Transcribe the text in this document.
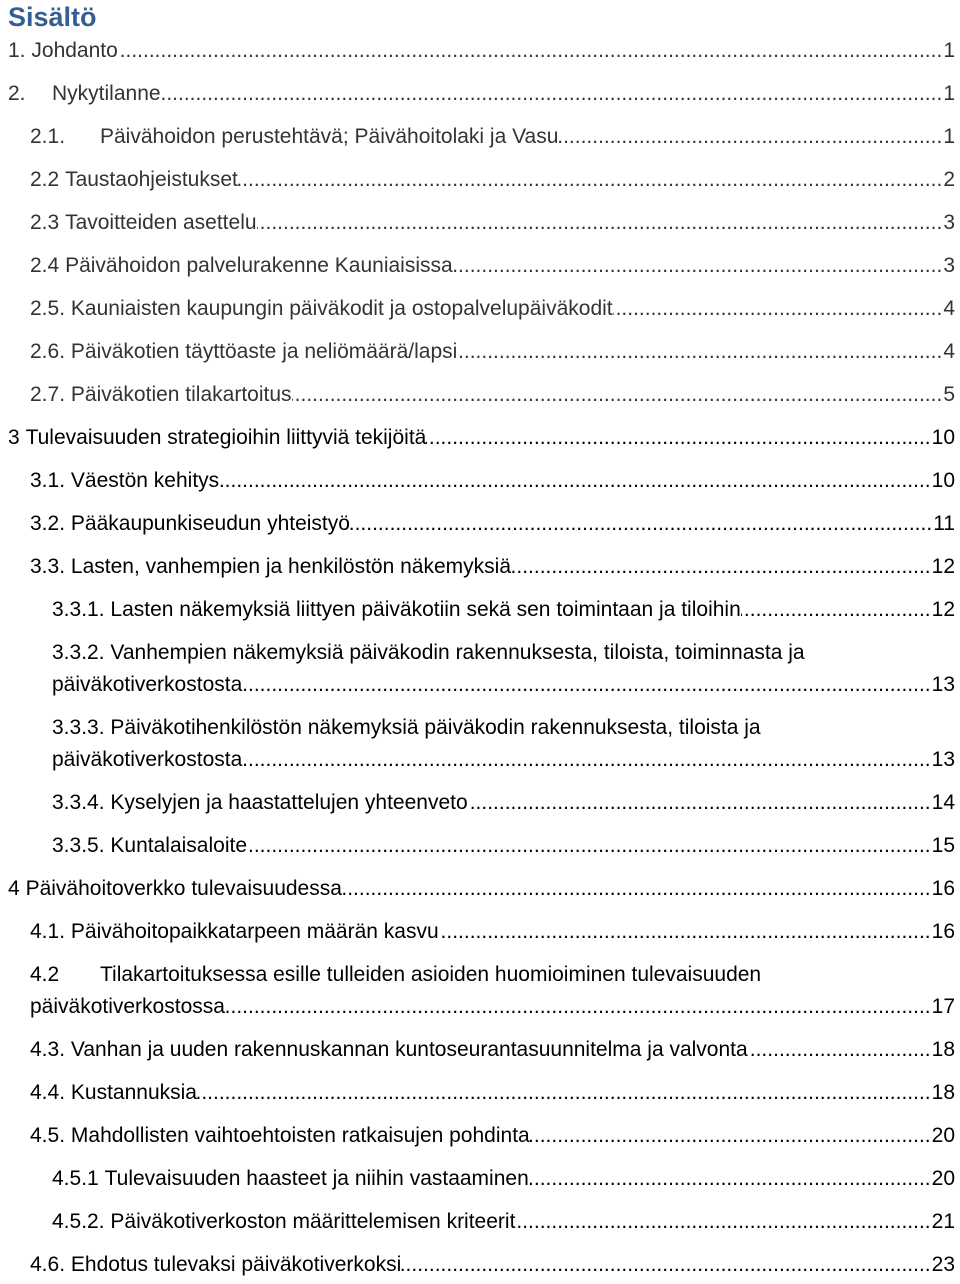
Sisältö
1. Johdanto .....	1
2.	Nykytilanne .....	1
2.1.	Päivähoidon perustehtävä; Päivähoitolaki ja Vasu .....	1
2.2 Taustaohjeistukset .....	2
2.3 Tavoitteiden asettelu .....	3
2.4 Päivähoidon palvelurakenne Kauniaisissa .....	3
2.5. Kauniaisten kaupungin päiväkodit ja ostopalvelupäiväkodit .....	4
2.6. Päiväkotien täyttöaste ja neliömäärä/lapsi .....	4
2.7. Päiväkotien tilakartoitus .....	5
3 Tulevaisuuden strategioihin liittyviä tekijöitä .....	10
3.1. Väestön kehitys .....	10
3.2. Pääkaupunkiseudun yhteistyö .....	11
3.3. Lasten, vanhempien ja henkilöstön näkemyksiä .....	12
3.3.1. Lasten näkemyksiä liittyen päiväkotiin sekä sen toimintaan ja tiloihin .....	12
3.3.2. Vanhempien näkemyksiä päiväkodin rakennuksesta, tiloista, toiminnasta ja
päiväkotiverkostosta .....	13
3.3.3. Päiväkotihenkilöstön näkemyksiä päiväkodin rakennuksesta, tiloista ja
päiväkotiverkostosta .....	13
3.3.4. Kyselyjen ja haastattelujen yhteenveto .....	14
3.3.5. Kuntalaisaloite .....	15
4 Päivähoitoverkko tulevaisuudessa .....	16
4.1. Päivähoitopaikkatarpeen määrän kasvu .....	16
4.2	Tilakartoituksessa esille tulleiden asioiden huomioiminen tulevaisuuden
päiväkotiverkostossa .....	17
4.3. Vanhan ja uuden rakennuskannan kuntoseurantasuunnitelma ja valvonta .....	18
4.4. Kustannuksia .....	18
4.5. Mahdollisten vaihtoehtoisten ratkaisujen pohdinta .....	20
4.5.1 Tulevaisuuden haasteet ja niihin vastaaminen .....	20
4.5.2. Päiväkotiverkoston määrittelemisen kriteerit .....	21
4.6. Ehdotus tulevaksi päiväkotiverkoksi .....	23
